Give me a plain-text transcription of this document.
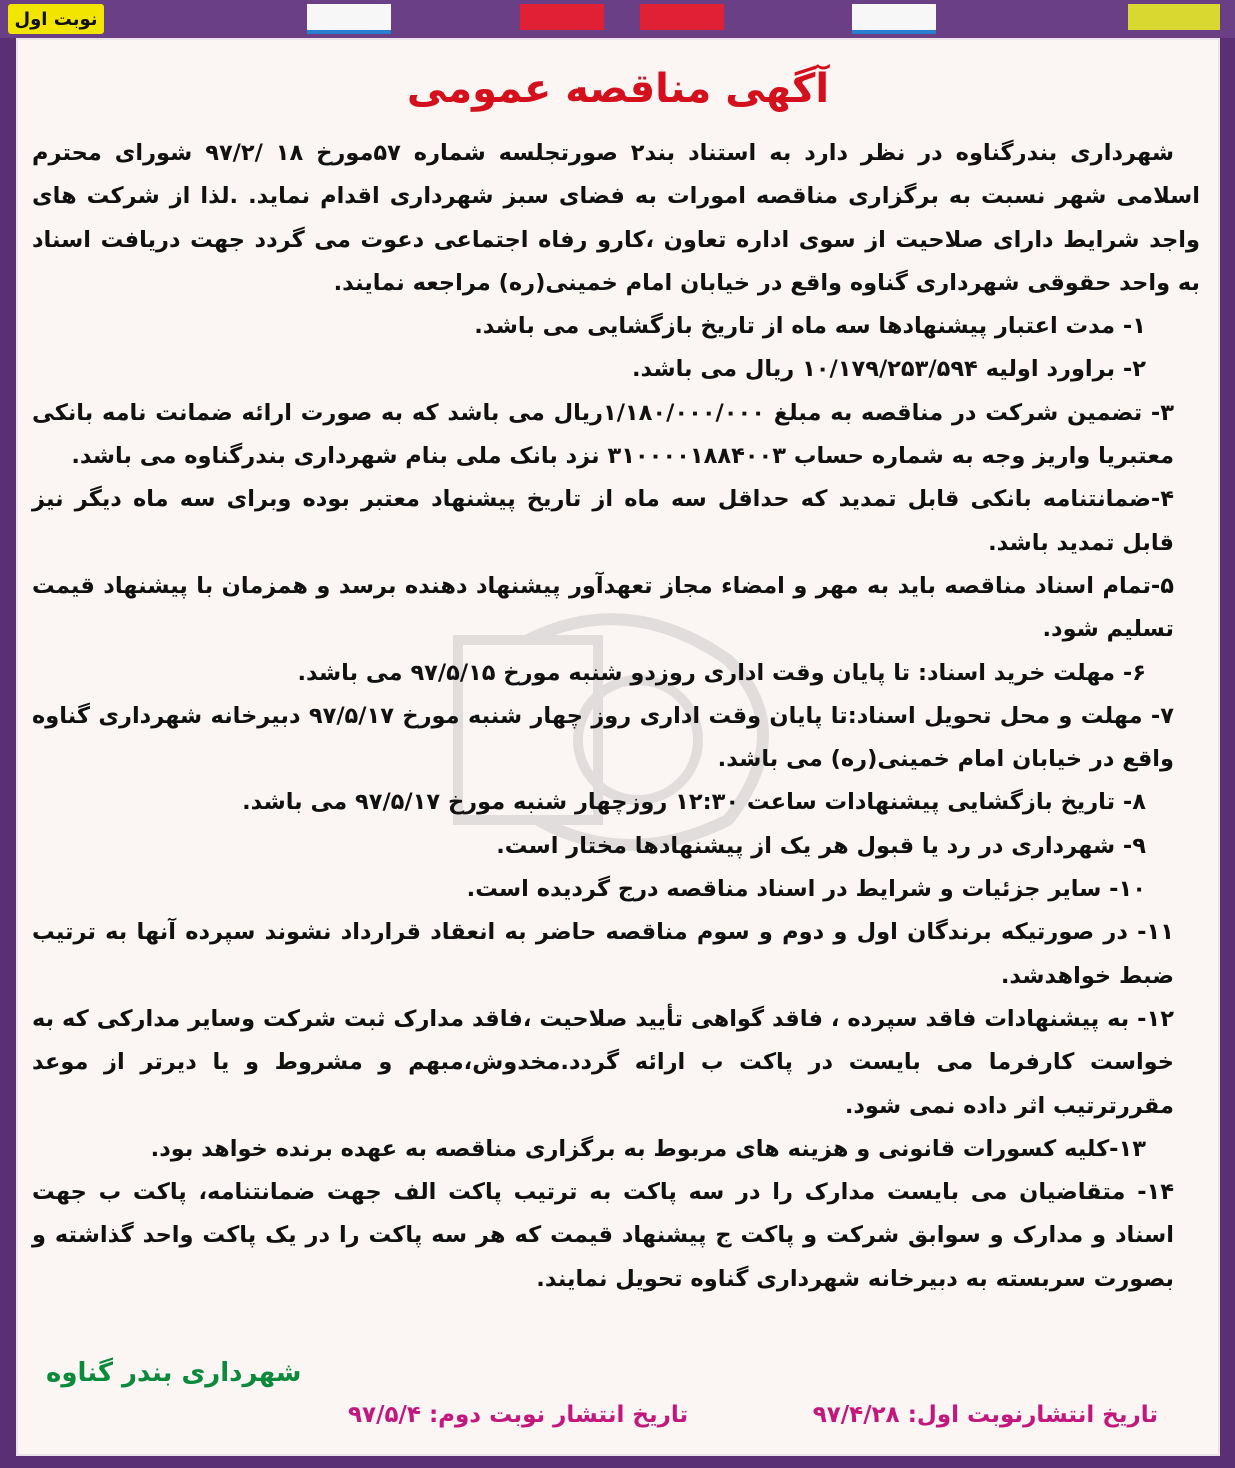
نوبت اول
آگهی مناقصه عمومی

شهرداری بندرگناوه در نظر دارد به استناد بند۲ صورتجلسه شماره ۵۷مورخ ۱۸ /۹۷/۲ شورای محترم اسلامی شهر نسبت به برگزاری مناقصه امورات به فضای سبز شهرداری اقدام نماید. .لذا از شرکت های واجد شرایط دارای صلاحیت از سوی اداره تعاون ،کارو رفاه اجتماعی دعوت می گردد جهت دریافت اسناد به واحد حقوقی شهرداری گناوه واقع در خیابان امام خمینی(ره) مراجعه نمایند.

۱- مدت اعتبار پیشنهادها سه ماه از تاریخ بازگشایی می باشد.

۲- براورد اولیه ۱۰/۱۷۹/۲۵۳/۵۹۴ ریال می باشد.

۳- تضمین شرکت در مناقصه به مبلغ ۱/۱۸۰/۰۰۰/۰۰۰ریال می باشد که به صورت ارائه ضمانت نامه بانکی معتبریا واریز وجه به شماره حساب ۳۱۰۰۰۰۱۸۸۴۰۰۳ نزد بانک ملی بنام شهرداری بندرگناوه می باشد.

۴-ضمانتنامه بانکی قابل تمدید که حداقل سه ماه از تاریخ پیشنهاد معتبر بوده وبرای سه ماه دیگر نیز قابل تمدید باشد.

۵-تمام اسناد مناقصه باید به مهر و امضاء مجاز تعهدآور پیشنهاد دهنده برسد و همزمان با پیشنهاد قیمت تسلیم شود.

۶- مهلت خرید اسناد: تا پایان وقت اداری روزدو شنبه مورخ ۹۷/۵/۱۵ می باشد.

۷- مهلت و محل تحویل اسناد:تا پایان وقت اداری روز چهار شنبه مورخ ۹۷/۵/۱۷ دبیرخانه شهرداری گناوه واقع در خیابان امام خمینی(ره) می باشد.

۸- تاریخ بازگشایی پیشنهادات ساعت ۱۲:۳۰ روزچهار شنبه مورخ ۹۷/۵/۱۷ می باشد.

۹- شهرداری در رد یا قبول هر یک از پیشنهادها مختار است.

۱۰- سایر جزئیات و شرایط در اسناد مناقصه درج گردیده است.

۱۱- در صورتیکه برندگان اول و دوم و سوم مناقصه حاضر به انعقاد قرارداد نشوند سپرده آنها به ترتیب ضبط خواهدشد.

۱۲- به پیشنهادات فاقد سپرده ، فاقد گواهی تأیید صلاحیت ،فاقد مدارک ثبت شرکت وسایر مدارکی که به خواست کارفرما می بایست در پاکت ب ارائه گردد.مخدوش،مبهم و مشروط و یا دیرتر از موعد مقررترتیب اثر داده نمی شود.

۱۳-کلیه کسورات قانونی و هزینه های مربوط به برگزاری مناقصه به عهده برنده خواهد بود.

۱۴- متقاضیان می بایست مدارک را در سه پاکت به ترتیب پاکت الف جهت ضمانتنامه، پاکت ب جهت اسناد و مدارک و سوابق شرکت و پاکت ج پیشنهاد قیمت که هر سه پاکت را در یک پاکت واحد گذاشته و بصورت سربسته به دبیرخانه شهرداری گناوه تحویل نمایند.

شهرداری بندر گناوه
تاریخ انتشارنوبت اول: ۹۷/۴/۲۸
تاریخ انتشار نوبت دوم: ۹۷/۵/۴
